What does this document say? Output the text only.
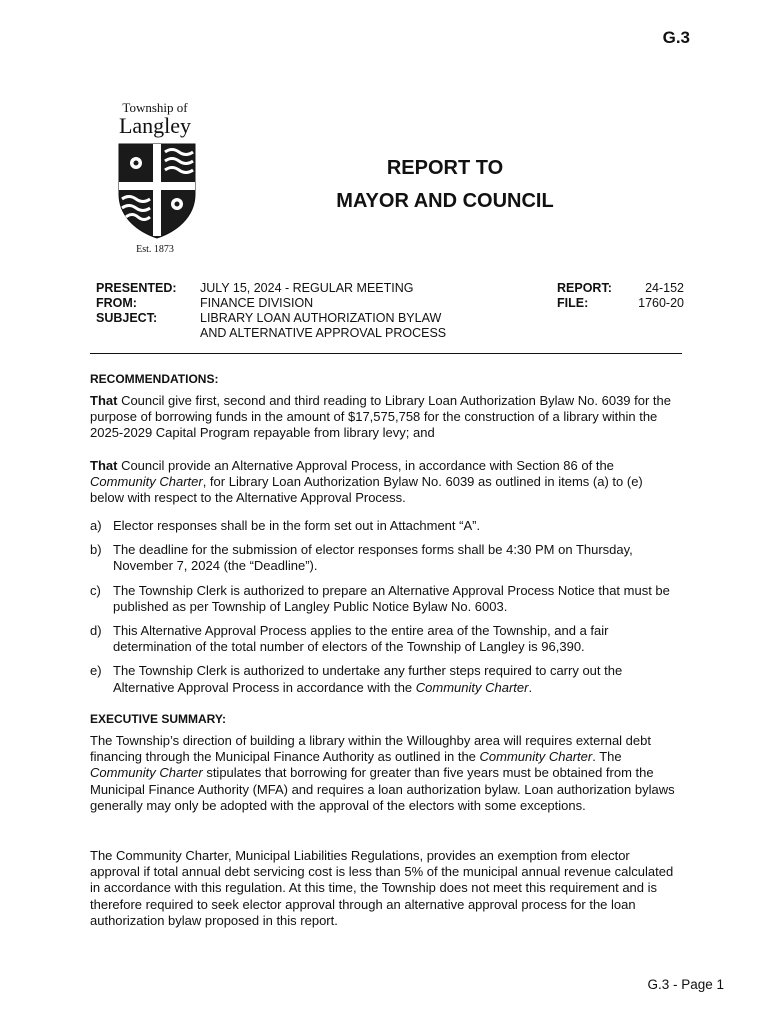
G.3
Township of
Langley
Est. 1873
REPORT TO
MAYOR AND COUNCIL
PRESENTED:
FROM:
SUBJECT:
JULY 15, 2024 - REGULAR MEETING
FINANCE DIVISION
LIBRARY LOAN AUTHORIZATION BYLAW
AND ALTERNATIVE APPROVAL PROCESS
REPORT:
FILE:
24-152
1760-20
RECOMMENDATIONS:
That Council give first, second and third reading to Library Loan Authorization Bylaw No. 6039 for the purpose of borrowing funds in the amount of $17,575,758 for the construction of a library within the 2025-2029 Capital Program repayable from library levy; and
That Council provide an Alternative Approval Process, in accordance with Section 86 of the Community Charter, for Library Loan Authorization Bylaw No. 6039 as outlined in items (a) to (e) below with respect to the Alternative Approval Process.
a) Elector responses shall be in the form set out in Attachment “A”.
b) The deadline for the submission of elector responses forms shall be 4:30 PM on Thursday, November 7, 2024 (the “Deadline”).
c) The Township Clerk is authorized to prepare an Alternative Approval Process Notice that must be published as per Township of Langley Public Notice Bylaw No. 6003.
d) This Alternative Approval Process applies to the entire area of the Township, and a fair determination of the total number of electors of the Township of Langley is 96,390.
e) The Township Clerk is authorized to undertake any further steps required to carry out the Alternative Approval Process in accordance with the Community Charter.
EXECUTIVE SUMMARY:
The Township’s direction of building a library within the Willoughby area will requires external debt financing through the Municipal Finance Authority as outlined in the Community Charter. The Community Charter stipulates that borrowing for greater than five years must be obtained from the Municipal Finance Authority (MFA) and requires a loan authorization bylaw. Loan authorization bylaws generally may only be adopted with the approval of the electors with some exceptions.
The Community Charter, Municipal Liabilities Regulations, provides an exemption from elector approval if total annual debt servicing cost is less than 5% of the municipal annual revenue calculated in accordance with this regulation. At this time, the Township does not meet this requirement and is therefore required to seek elector approval through an alternative approval process for the loan authorization bylaw proposed in this report.
G.3 - Page 1
